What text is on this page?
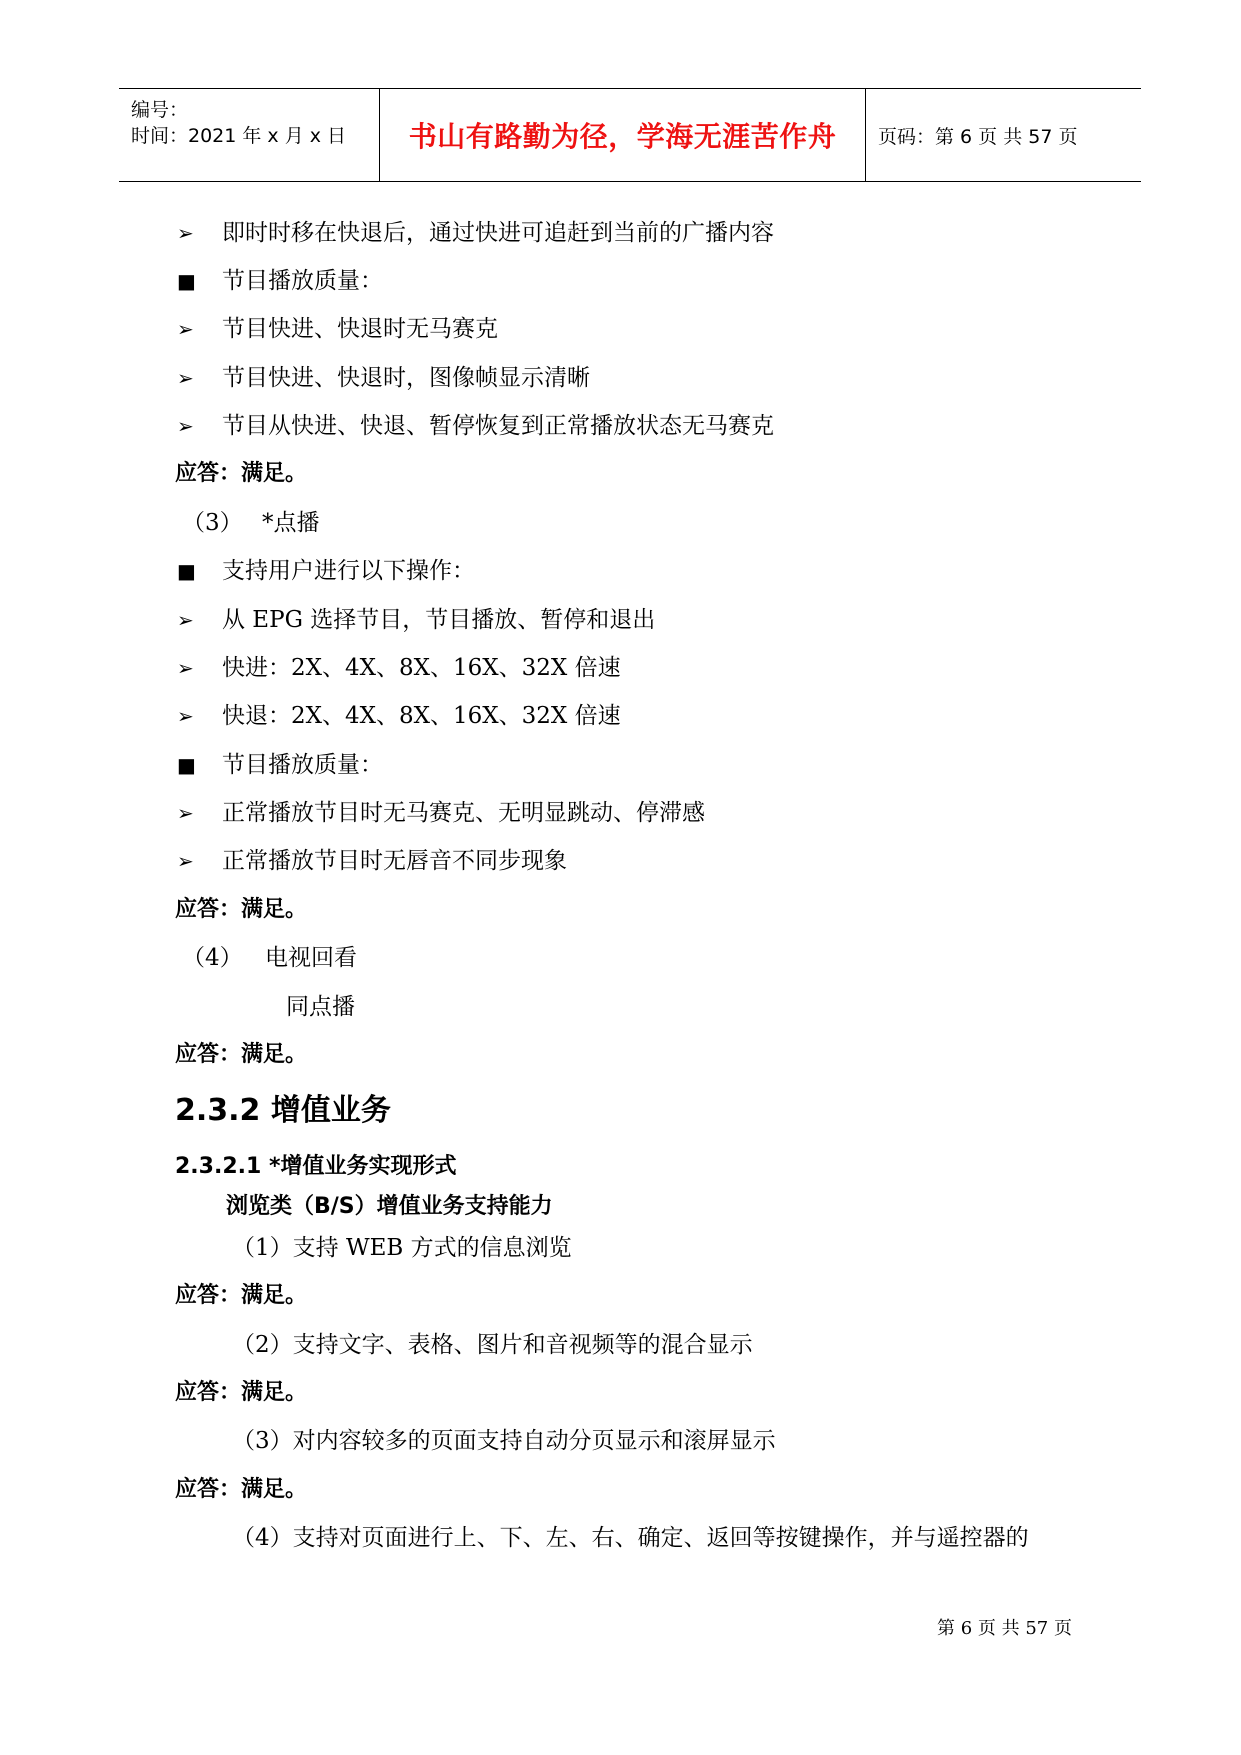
编号：
时间：2021 年 x 月 x 日 书山有路勤为径，学海无涯苦作舟 页码：第 6 页 共 57 页
➢ 即时时移在快退后，通过快进可追赶到当前的广播内容
■ 节目播放质量：
➢ 节目快进、快退时无马赛克
➢ 节目快进、快退时，图像帧显示清晰
➢ 节目从快进、快退、暂停恢复到正常播放状态无马赛克
应答：满足。
（3） *点播
■ 支持用户进行以下操作：
➢ 从 EPG 选择节目，节目播放、暂停和退出
➢ 快进：2X、4X、8X、16X、32X 倍速
➢ 快退：2X、4X、8X、16X、32X 倍速
■ 节目播放质量：
➢ 正常播放节目时无马赛克、无明显跳动、停滞感
➢ 正常播放节目时无唇音不同步现象
应答：满足。
（4） 电视回看
同点播
应答：满足。
2.3.2 增值业务
2.3.2.1 *增值业务实现形式
浏览类（B/S）增值业务支持能力
（1）支持 WEB 方式的信息浏览
应答：满足。
（2）支持文字、表格、图片和音视频等的混合显示
应答：满足。
（3）对内容较多的页面支持自动分页显示和滚屏显示
应答：满足。
（4）支持对页面进行上、下、左、右、确定、返回等按键操作，并与遥控器的
第 6 页 共 57 页
